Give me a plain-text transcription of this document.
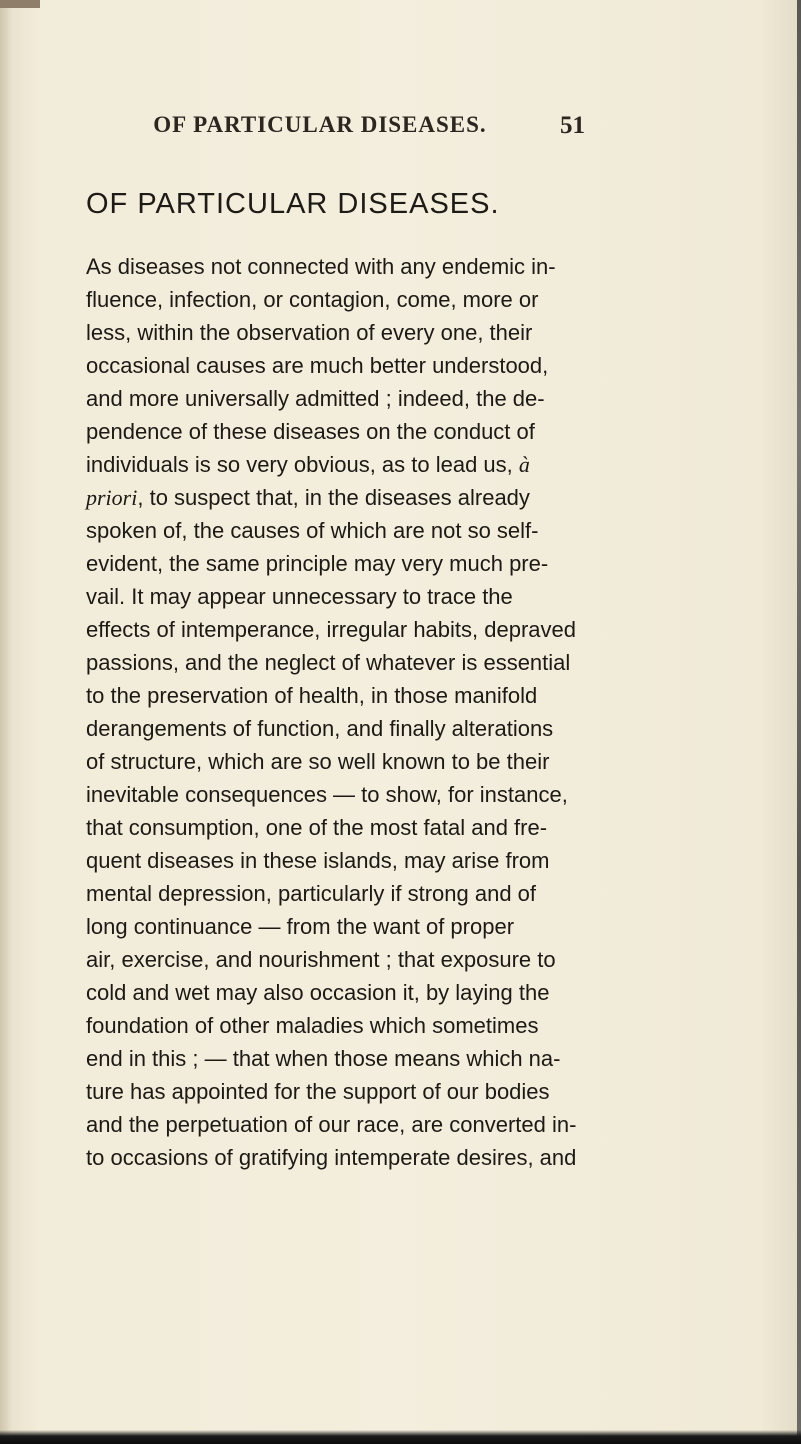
OF PARTICULAR DISEASES.	51
OF PARTICULAR DISEASES.
As diseases not connected with any endemic in-
fluence, infection, or contagion, come, more or
less, within the observation of every one, their
occasional causes are much better understood,
and more universally admitted ; indeed, the de-
pendence of these diseases on the conduct of
individuals is so very obvious, as to lead us, à
priori, to suspect that, in the diseases already
spoken of, the causes of which are not so self-
evident, the same principle may very much pre-
vail. It may appear unnecessary to trace the
effects of intemperance, irregular habits, depraved
passions, and the neglect of whatever is essential
to the preservation of health, in those manifold
derangements of function, and finally alterations
of structure, which are so well known to be their
inevitable consequences — to show, for instance,
that consumption, one of the most fatal and fre-
quent diseases in these islands, may arise from
mental depression, particularly if strong and of
long continuance — from the want of proper
air, exercise, and nourishment ; that exposure to
cold and wet may also occasion it, by laying the
foundation of other maladies which sometimes
end in this ; — that when those means which na-
ture has appointed for the support of our bodies
and the perpetuation of our race, are converted in-
to occasions of gratifying intemperate desires, and
